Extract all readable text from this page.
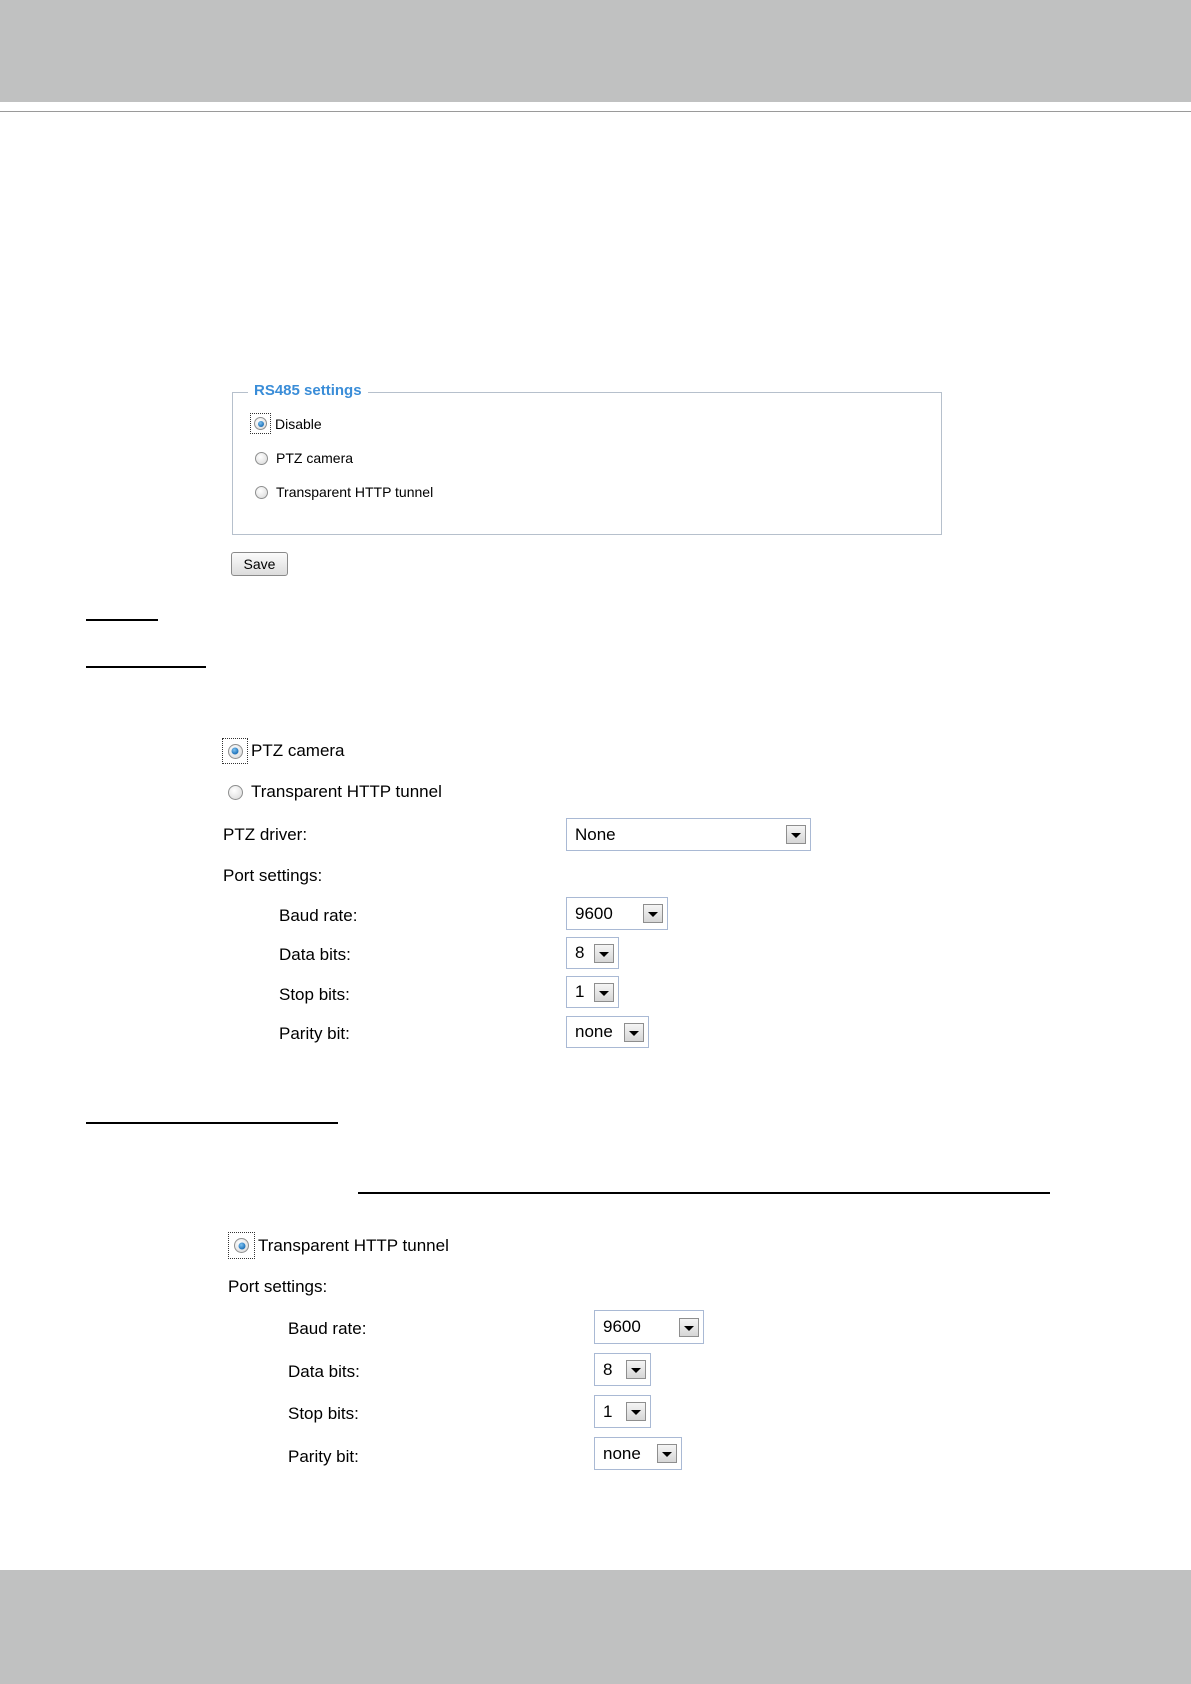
RS485 settings
Disable
PTZ camera
Transparent HTTP tunnel
Save
PTZ camera
Transparent HTTP tunnel
PTZ driver:	None
Port settings:
Baud rate:	9600
Data bits:	8
Stop bits:	1
Parity bit:	none
Transparent HTTP tunnel
Port settings:
Baud rate:	9600
Data bits:	8
Stop bits:	1
Parity bit:	none
